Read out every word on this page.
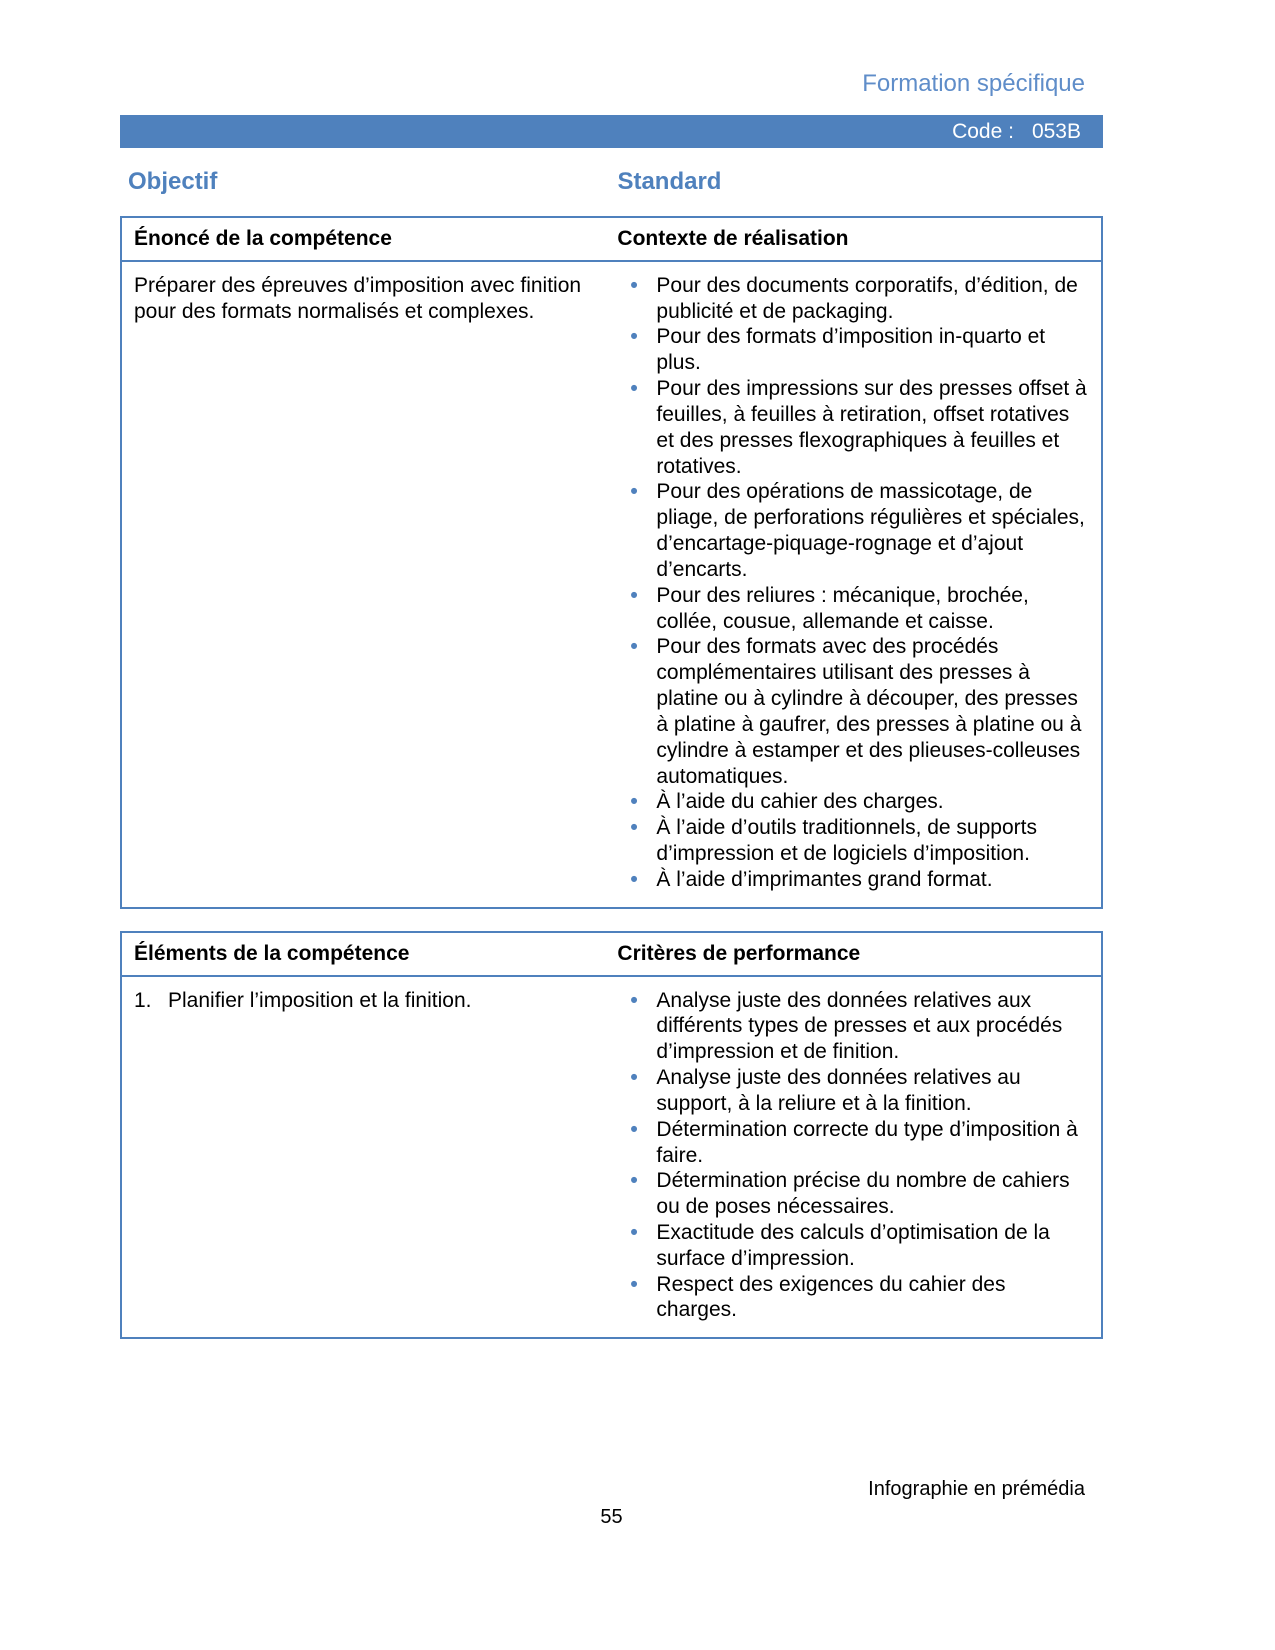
Formation spécifique
Code : 053B
Objectif	Standard
Énoncé de la compétence	Contexte de réalisation
Préparer des épreuves d’imposition avec finition pour des formats normalisés et complexes.
• Pour des documents corporatifs, d’édition, de publicité et de packaging.
• Pour des formats d’imposition in-quarto et plus.
• Pour des impressions sur des presses offset à feuilles, à feuilles à retiration, offset rotatives et des presses flexographiques à feuilles et rotatives.
• Pour des opérations de massicotage, de pliage, de perforations régulières et spéciales, d’encartage-piquage-rognage et d’ajout d’encarts.
• Pour des reliures : mécanique, brochée, collée, cousue, allemande et caisse.
• Pour des formats avec des procédés complémentaires utilisant des presses à platine ou à cylindre à découper, des presses à platine à gaufrer, des presses à platine ou à cylindre à estamper et des plieuses-colleuses automatiques.
• À l’aide du cahier des charges.
• À l’aide d’outils traditionnels, de supports d’impression et de logiciels d’imposition.
• À l’aide d’imprimantes grand format.
Éléments de la compétence	Critères de performance
1. Planifier l’imposition et la finition.	• Analyse juste des données relatives aux différents types de presses et aux procédés d’impression et de finition.
• Analyse juste des données relatives au support, à la reliure et à la finition.
• Détermination correcte du type d’imposition à faire.
• Détermination précise du nombre de cahiers ou de poses nécessaires.
• Exactitude des calculs d’optimisation de la surface d’impression.
• Respect des exigences du cahier des charges.
Infographie en prémédia
55
